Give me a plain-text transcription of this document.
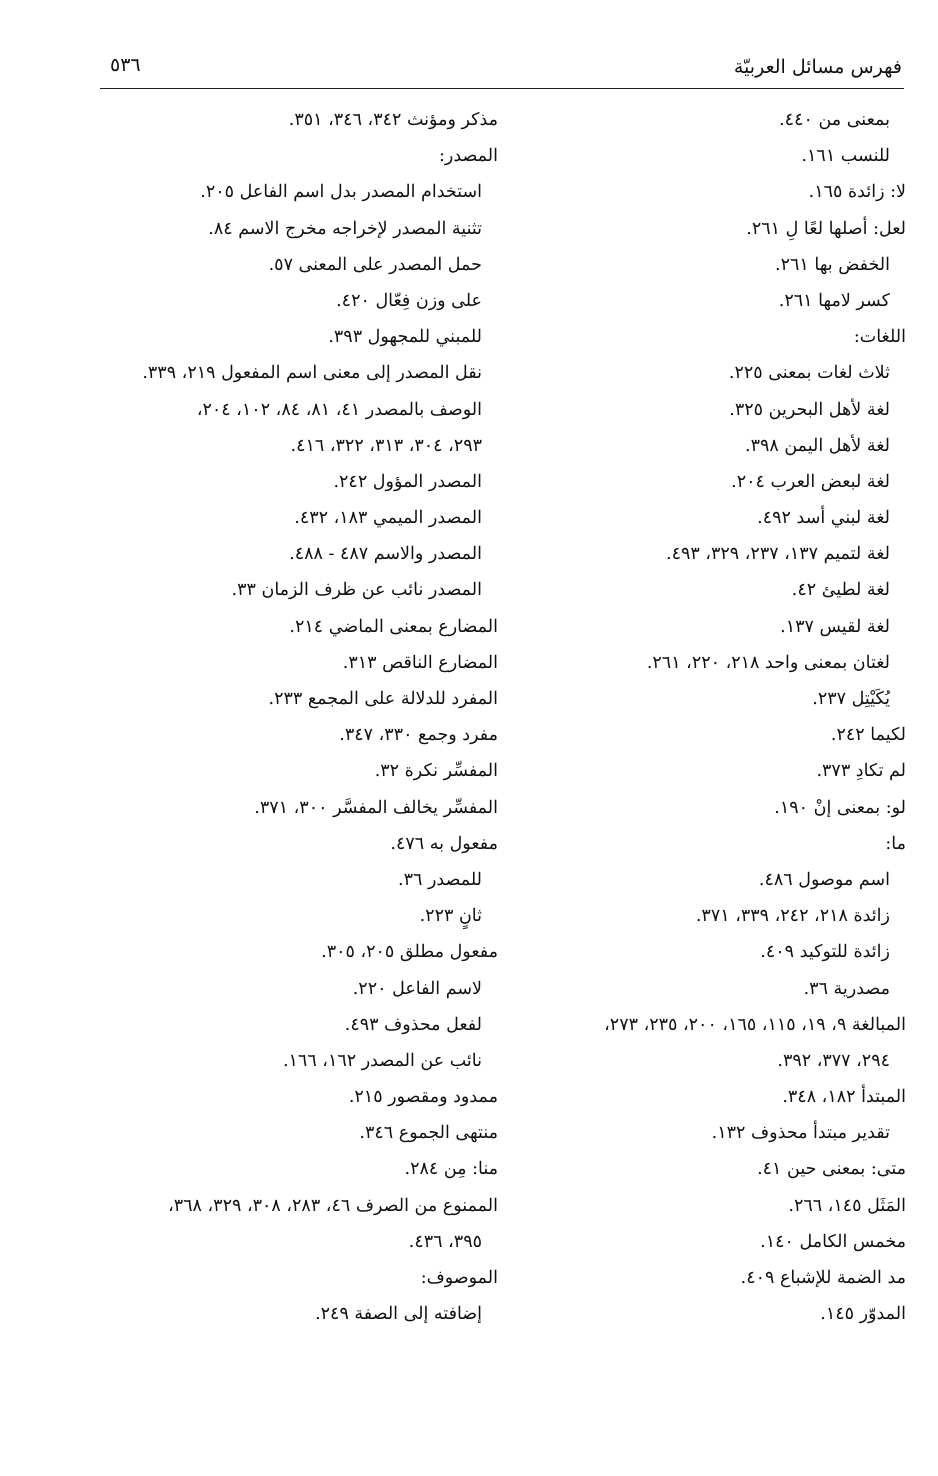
فهرس مسائل العربيّة
٥٣٦
بمعنى من ٤٤٠.
للنسب ١٦١.
لا: زائدة ١٦٥.
لعل: أصلها لعًا لِ ٢٦١.
الخفض بها ٢٦١.
كسر لامها ٢٦١.
اللغات:
ثلاث لغات بمعنى ٢٢٥.
لغة لأهل البحرين ٣٢٥.
لغة لأهل اليمن ٣٩٨.
لغة لبعض العرب ٢٠٤.
لغة لبني أسد ٤٩٢.
لغة لتميم ١٣٧، ٢٣٧، ٣٢٩، ٤٩٣.
لغة لطيئ ٤٢.
لغة لقيس ١٣٧.
لغتان بمعنى واحد ٢١٨، ٢٢٠، ٢٦١.
يُكَيْتِل ٢٣٧.
لكيما ٢٤٢.
لم تكادِ ٣٧٣.
لو: بمعنى إنْ ١٩٠.
ما:
اسم موصول ٤٨٦.
زائدة ٢١٨، ٢٤٢، ٣٣٩، ٣٧١.
زائدة للتوكيد ٤٠٩.
مصدرية ٣٦.
المبالغة ٩، ١٩، ١١٥، ١٦٥، ٢٠٠، ٢٣٥، ٢٧٣،
٢٩٤، ٣٧٧، ٣٩٢.
المبتدأ ١٨٢، ٣٤٨.
تقدير مبتدأ محذوف ١٣٢.
متى: بمعنى حين ٤١.
المَثَل ١٤٥، ٢٦٦.
مخمس الكامل ١٤٠.
مد الضمة للإشباع ٤٠٩.
المدوّر ١٤٥.
مذكر ومؤنث ٣٤٢، ٣٤٦، ٣٥١.
المصدر:
استخدام المصدر بدل اسم الفاعل ٢٠٥.
تثنية المصدر لإخراجه مخرج الاسم ٨٤.
حمل المصدر على المعنى ٥٧.
على وزن فِعّال ٤٢٠.
للمبني للمجهول ٣٩٣.
نقل المصدر إلى معنى اسم المفعول ٢١٩، ٣٣٩.
الوصف بالمصدر ٤١، ٨١، ٨٤، ١٠٢، ٢٠٤،
٢٩٣، ٣٠٤، ٣١٣، ٣٢٢، ٤١٦.
المصدر المؤول ٢٤٢.
المصدر الميمي ١٨٣، ٤٣٢.
المصدر والاسم ٤٨٧ - ٤٨٨.
المصدر نائب عن ظرف الزمان ٣٣.
المضارع بمعنى الماضي ٢١٤.
المضارع الناقص ٣١٣.
المفرد للدلالة على المجمع ٢٣٣.
مفرد وجمع ٣٣٠، ٣٤٧.
المفسِّر نكرة ٣٢.
المفسِّر يخالف المفسَّر ٣٠٠، ٣٧١.
مفعول به ٤٧٦.
للمصدر ٣٦.
ثانٍ ٢٢٣.
مفعول مطلق ٢٠٥، ٣٠٥.
لاسم الفاعل ٢٢٠.
لفعل محذوف ٤٩٣.
نائب عن المصدر ١٦٢، ١٦٦.
ممدود ومقصور ٢١٥.
منتهى الجموع ٣٤٦.
منا: مِن ٢٨٤.
الممنوع من الصرف ٤٦، ٢٨٣، ٣٠٨، ٣٢٩، ٣٦٨،
٣٩٥، ٤٣٦.
الموصوف:
إضافته إلى الصفة ٢٤٩.
